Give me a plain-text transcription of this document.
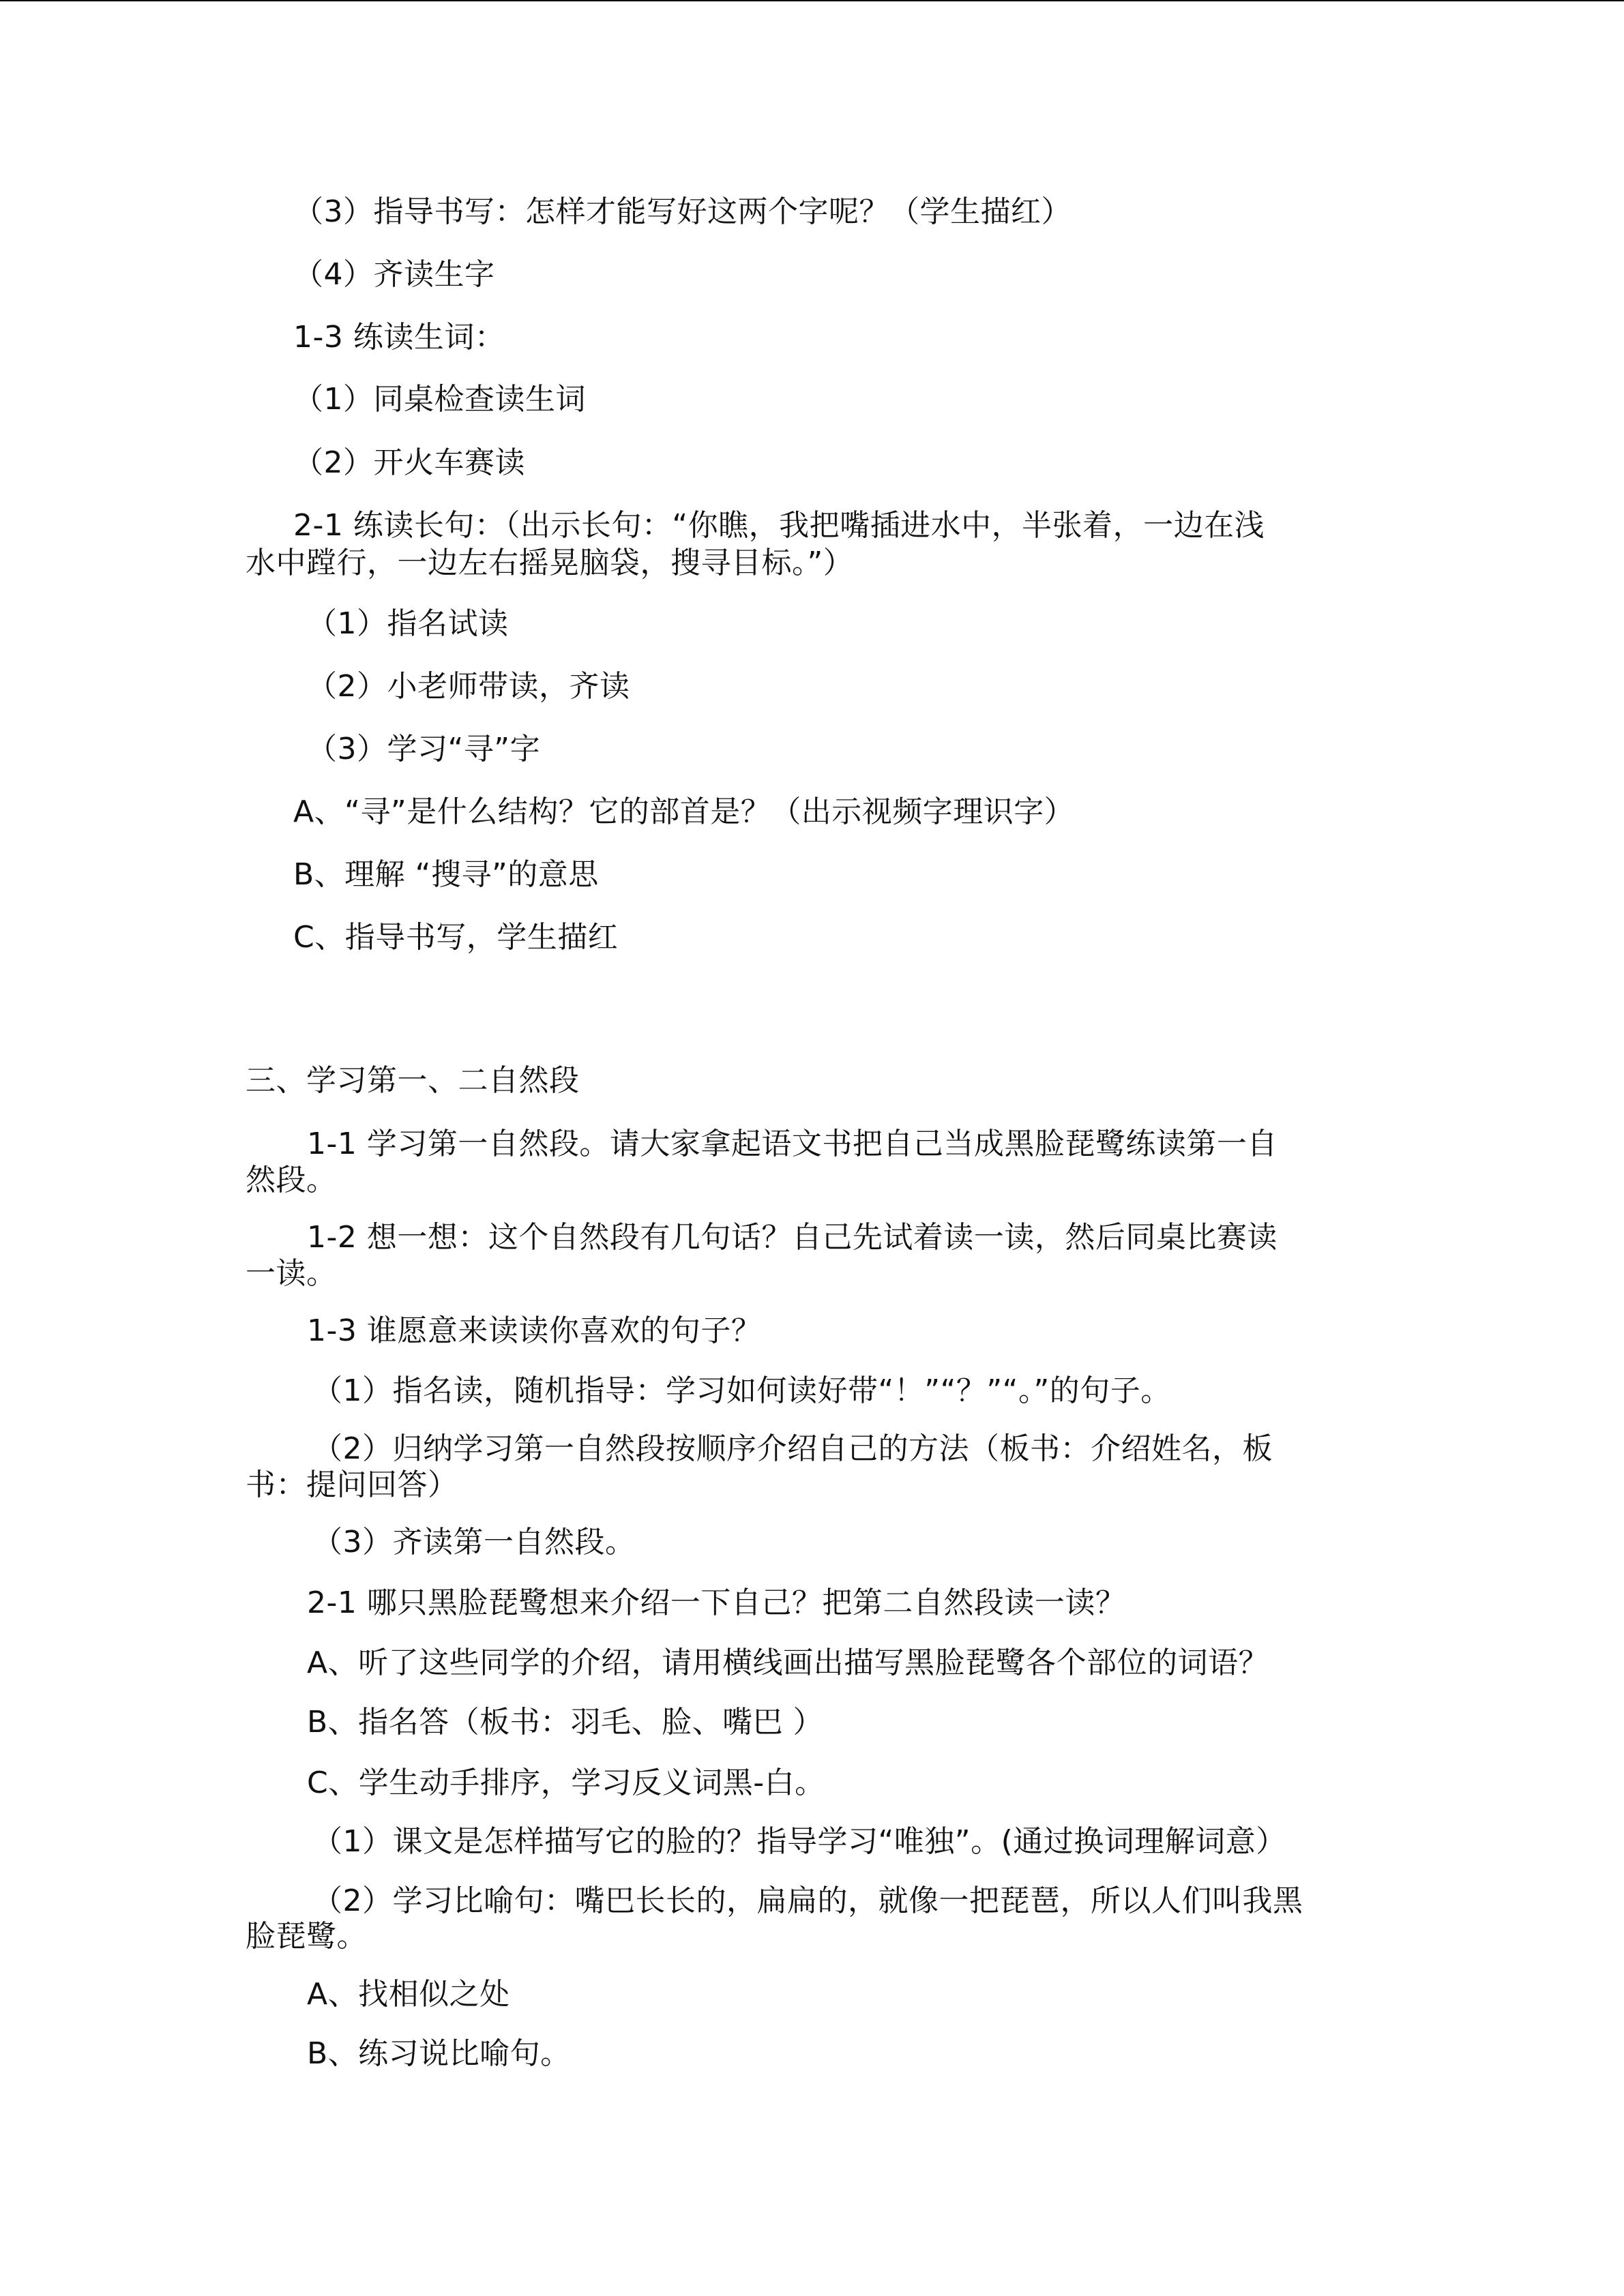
（3）指导书写：怎样才能写好这两个字呢？（学生描红）
（4）齐读生字
1-3 练读生词：
（1）同桌检查读生词
（2）开火车赛读
2-1 练读长句：（出示长句：“你瞧，我把嘴插进水中，半张着，一边在浅
水中蹚行，一边左右摇晃脑袋，搜寻目标。”）
（1）指名试读
（2）小老师带读，齐读
（3）学习“寻”字
A、“寻”是什么结构？它的部首是？（出示视频字理识字）
B、理解 “搜寻”的意思
C、指导书写，学生描红
三、学习第一、二自然段
1-1 学习第一自然段。请大家拿起语文书把自己当成黑脸琵鹭练读第一自
然段。
1-2 想一想：这个自然段有几句话？自己先试着读一读，然后同桌比赛读
一读。
1-3 谁愿意来读读你喜欢的句子？
（1）指名读，随机指导：学习如何读好带“！”“？”“。”的句子。
（2）归纳学习第一自然段按顺序介绍自己的方法（板书：介绍姓名，板
书：提问回答）
（3）齐读第一自然段。
2-1 哪只黑脸琵鹭想来介绍一下自己？把第二自然段读一读？
A、听了这些同学的介绍，请用横线画出描写黑脸琵鹭各个部位的词语？
B、指名答（板书：羽毛、脸、嘴巴 ）
C、学生动手排序，学习反义词黑-白。
（1）课文是怎样描写它的脸的？指导学习“唯独”。(通过换词理解词意）
（2）学习比喻句：嘴巴长长的，扁扁的，就像一把琵琶，所以人们叫我黑
脸琵鹭。
A、找相似之处
B、练习说比喻句。
